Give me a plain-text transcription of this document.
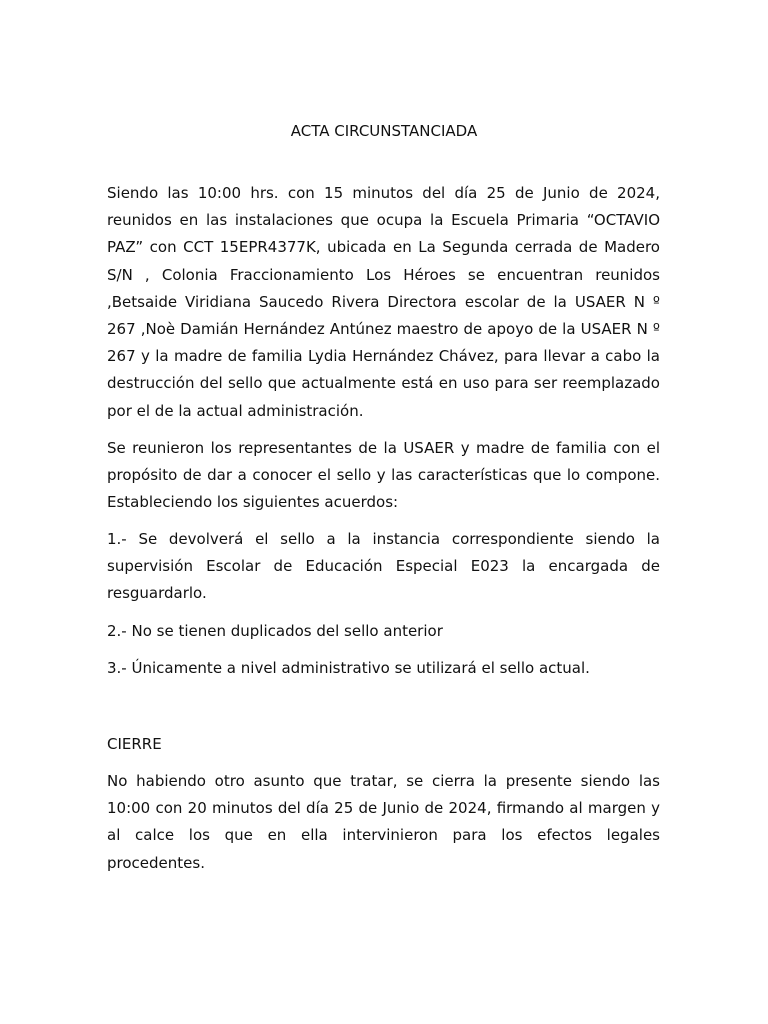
ACTA CIRCUNSTANCIADA

Siendo las 10:00 hrs. con 15 minutos del día 25 de Junio de 2024, reunidos en las instalaciones que ocupa la Escuela Primaria “OCTAVIO PAZ” con CCT 15EPR4377K, ubicada en La Segunda cerrada de Madero S/N , Colonia Fraccionamiento Los Héroes se encuentran reunidos ,Betsaide Viridiana Saucedo Rivera Directora escolar de la USAER N º 267 ,Noè Damián Hernández Antúnez maestro de apoyo de la USAER N º 267 y la madre de familia Lydia Hernández Chávez, para llevar a cabo la destrucción del sello que actualmente está en uso para ser reemplazado por el de la actual administración.

Se reunieron los representantes de la USAER y madre de familia con el propósito de dar a conocer el sello y las características que lo compone. Estableciendo los siguientes acuerdos:

1.- Se devolverá el sello a la instancia correspondiente siendo la supervisión Escolar de Educación Especial E023 la encargada de resguardarlo.

2.- No se tienen duplicados del sello anterior

3.- Únicamente a nivel administrativo se utilizará el sello actual.

CIERRE

No habiendo otro asunto que tratar, se cierra la presente siendo las 10:00 con 20 minutos del día 25 de Junio de 2024, firmando al margen y al calce los que en ella intervinieron para los efectos legales procedentes.
